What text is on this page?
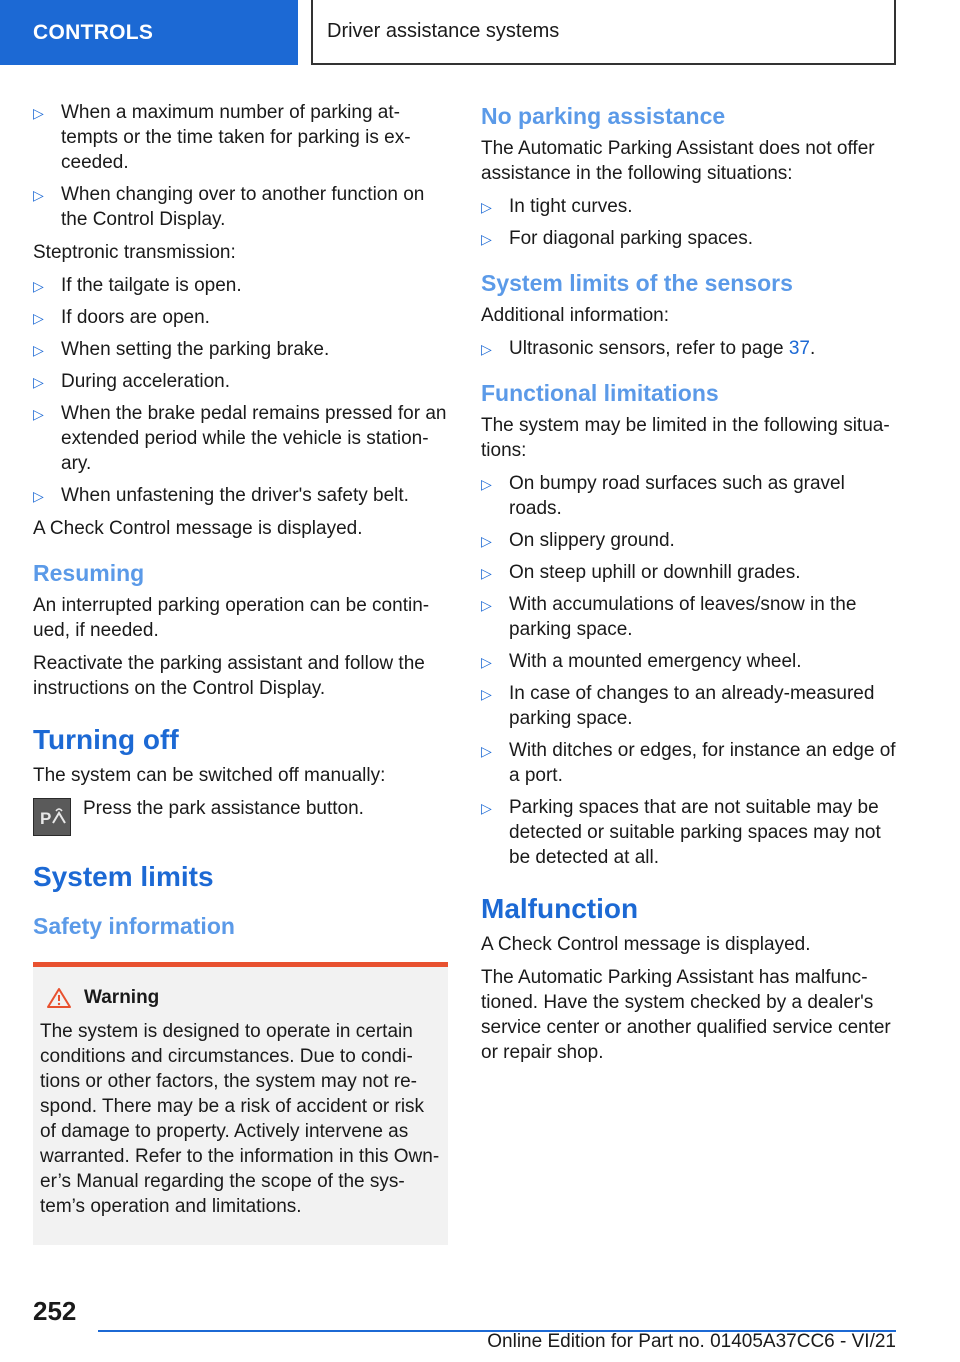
CONTROLS	Driver assistance systems
▷ When a maximum number of parking attempts or the time taken for parking is exceeded.
▷ When changing over to another function on the Control Display.

Steptronic transmission:

▷ If the tailgate is open.
▷ If doors are open.
▷ When setting the parking brake.
▷ During acceleration.
▷ When the brake pedal remains pressed for an extended period while the vehicle is stationary.
▷ When unfastening the driver's safety belt.

A Check Control message is displayed.

Resuming

An interrupted parking operation can be continued, if needed.

Reactivate the parking assistant and follow the instructions on the Control Display.

Turning off

The system can be switched off manually:

P Press the park assistance button.

System limits
Safety information
Warning

The system is designed to operate in certain conditions and circumstances. Due to conditions or other factors, the system may not respond. There may be a risk of accident or risk of damage to property. Actively intervene as warranted. Refer to the information in this Owner’s Manual regarding the scope of the system’s operation and limitations.

No parking assistance

The Automatic Parking Assistant does not offer assistance in the following situations:

▷ In tight curves.
▷ For diagonal parking spaces.
System limits of the sensors

Additional information:

▷ Ultrasonic sensors, refer to page 37.
Functional limitations

The system may be limited in the following situations:

▷ On bumpy road surfaces such as gravel roads.
▷ On slippery ground.
▷ On steep uphill or downhill grades.
▷ With accumulations of leaves/snow in the parking space.
▷ With a mounted emergency wheel.
▷ In case of changes to an already-measured parking space.
▷ With ditches or edges, for instance an edge of a port.
▷ Parking spaces that are not suitable may be detected or suitable parking spaces may not be detected at all.
Malfunction

A Check Control message is displayed.

The Automatic Parking Assistant has malfunctioned. Have the system checked by a dealer's service center or another qualified service center or repair shop.

252
Online Edition for Part no. 01405A37CC6 - VI/21
